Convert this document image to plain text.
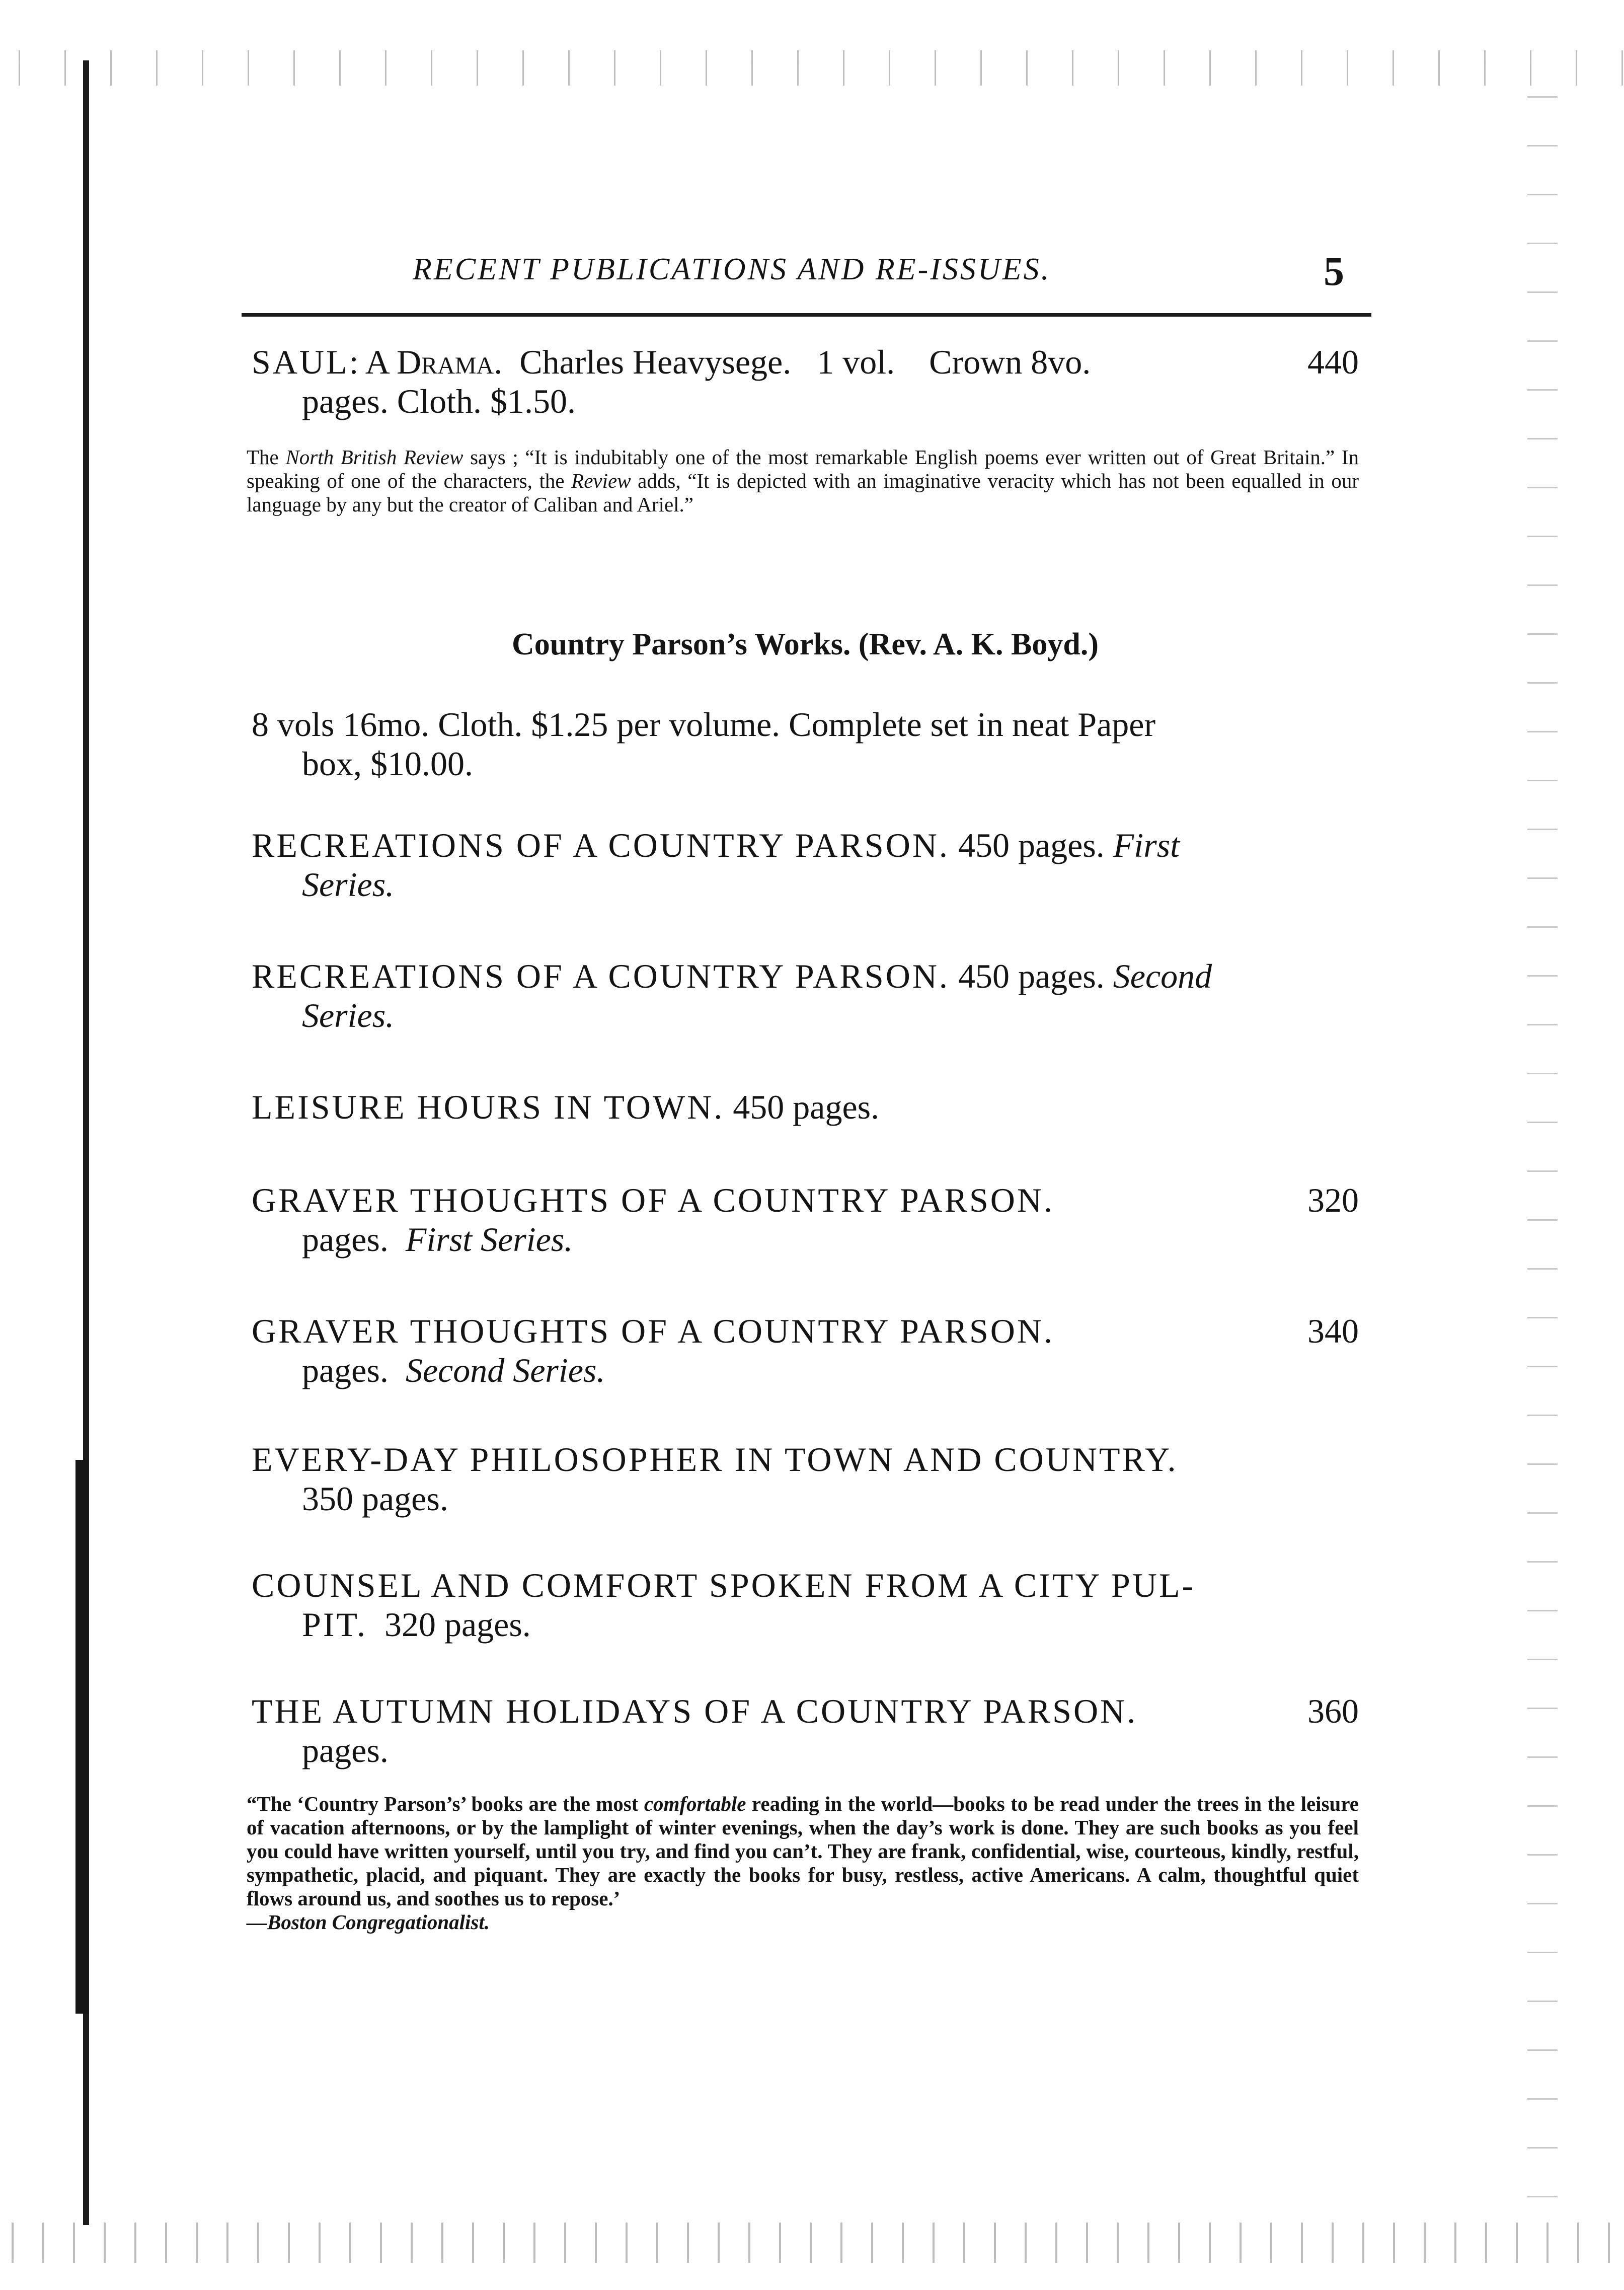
RECENT PUBLICATIONS AND RE-ISSUES.	5
SAUL: A Drama. Charles Heavysege. 1 vol. Crown 8vo.	440
pages. Cloth. $1.50.
The North British Review says ; “It is indubitably one of the most remarkable English poems ever written out of Great Britain.” In speaking of one of the characters, the Review adds, “It is depicted with an imaginative veracity which has not been equalled in our language by any but the creator of Caliban and Ariel.”
Country Parson’s Works. (Rev. A. K. Boyd.)
8 vols 16mo. Cloth. $1.25 per volume. Complete set in neat Paper
box, $10.00.
RECREATIONS OF A COUNTRY PARSON. 450 pages. First
Series.
RECREATIONS OF A COUNTRY PARSON. 450 pages. Second
Series.
LEISURE HOURS IN TOWN. 450 pages.
GRAVER THOUGHTS OF A COUNTRY PARSON.	320
pages. First Series.
GRAVER THOUGHTS OF A COUNTRY PARSON.	340
pages. Second Series.
EVERY-DAY PHILOSOPHER IN TOWN AND COUNTRY.
350 pages.
COUNSEL AND COMFORT SPOKEN FROM A CITY PUL-
PIT. 320 pages.
THE AUTUMN HOLIDAYS OF A COUNTRY PARSON.	360
pages.
“The ‘Country Parson’s’ books are the most comfortable reading in the world—books to be read under the trees in the leisure of vacation afternoons, or by the lamplight of winter evenings, when the day’s work is done. They are such books as you feel you could have written yourself, until you try, and find you can’t. They are frank, confidential, wise, courteous, kindly, restful, sympathetic, placid, and piquant. They are exactly the books for busy, restless, active Americans. A calm, thoughtful quiet flows around us, and soothes us to repose.’
—Boston Congregationalist.
